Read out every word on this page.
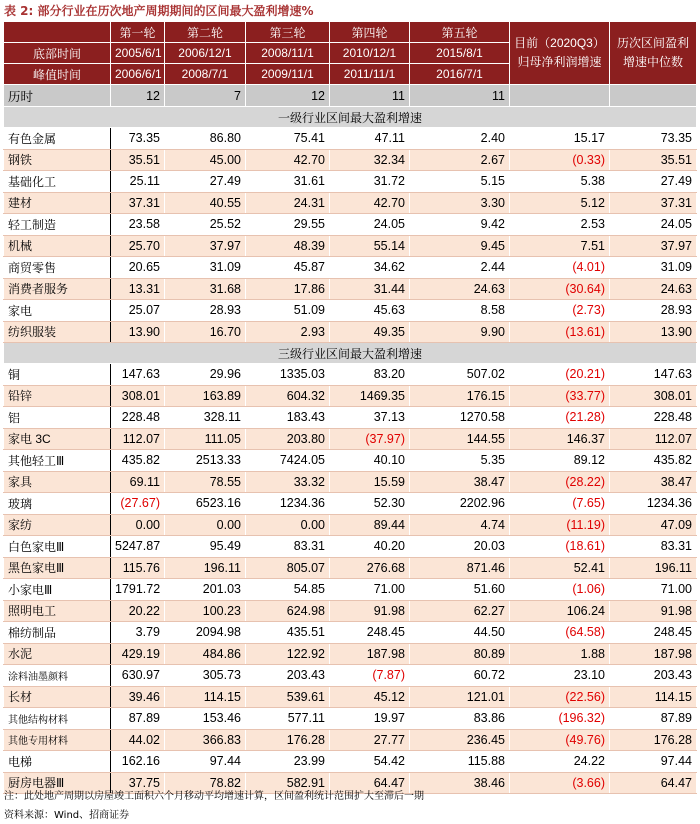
表 2: 部分行业在历次地产周期期间的区间最大盈利增速%
	第一轮	第二轮	第三轮	第四轮	第五轮	目前（2020Q3）归母净利润增速	历次区间盈利增速中位数
底部时间	2005/6/1	2006/12/1	2008/11/1	2010/12/1	2015/8/1		
峰值时间	2006/6/1	2008/7/1	2009/11/1	2011/11/1	2016/7/1		
历时	12	7	12	11	11		
一级行业区间最大盈利增速							
有色金属	73.35	86.80	75.41	47.11	2.40	15.17	73.35
钢铁	35.51	45.00	42.70	32.34	2.67	(0.33)	35.51
基础化工	25.11	27.49	31.61	31.72	5.15	5.38	27.49
建材	37.31	40.55	24.31	42.70	3.30	5.12	37.31
轻工制造	23.58	25.52	29.55	24.05	9.42	2.53	24.05
机械	25.70	37.97	48.39	55.14	9.45	7.51	37.97
商贸零售	20.65	31.09	45.87	34.62	2.44	(4.01)	31.09
消费者服务	13.31	31.68	17.86	31.44	24.63	(30.64)	24.63
家电	25.07	28.93	51.09	45.63	8.58	(2.73)	28.93
纺织服装	13.90	16.70	2.93	49.35	9.90	(13.61)	13.90
三级行业区间最大盈利增速							
铜	147.63	29.96	1335.03	83.20	507.02	(20.21)	147.63
铅锌	308.01	163.89	604.32	1469.35	176.15	(33.77)	308.01
铝	228.48	328.11	183.43	37.13	1270.58	(21.28)	228.48
家电 3C	112.07	111.05	203.80	(37.97)	144.55	146.37	112.07
其他轻工Ⅲ	435.82	2513.33	7424.05	40.10	5.35	89.12	435.82
家具	69.11	78.55	33.32	15.59	38.47	(28.22)	38.47
玻璃	(27.67)	6523.16	1234.36	52.30	2202.96	(7.65)	1234.36
家纺	0.00	0.00	0.00	89.44	4.74	(11.19)	47.09
白色家电Ⅲ	5247.87	95.49	83.31	40.20	20.03	(18.61)	83.31
黑色家电Ⅲ	115.76	196.11	805.07	276.68	871.46	52.41	196.11
小家电Ⅲ	1791.72	201.03	54.85	71.00	51.60	(1.06)	71.00
照明电工	20.22	100.23	624.98	91.98	62.27	106.24	91.98
棉纺制品	3.79	2094.98	435.51	248.45	44.50	(64.58)	248.45
水泥	429.19	484.86	122.92	187.98	80.89	1.88	187.98
涂料油墨颜料	630.97	305.73	203.43	(7.87)	60.72	23.10	203.43
长材	39.46	114.15	539.61	45.12	121.01	(22.56)	114.15
其他结构材料	87.89	153.46	577.11	19.97	83.86	(196.32)	87.89
其他专用材料	44.02	366.83	176.28	27.77	236.45	(49.76)	176.28
电梯	162.16	97.44	23.99	54.42	115.88	24.22	97.44
厨房电器Ⅲ	37.75	78.82	582.91	64.47	38.46	(3.66)	64.47
注：此处地产周期以房屋竣工面积六个月移动平均增速计算，区间盈利统计范围扩大至滞后一期
资料来源：Wind、招商证券
